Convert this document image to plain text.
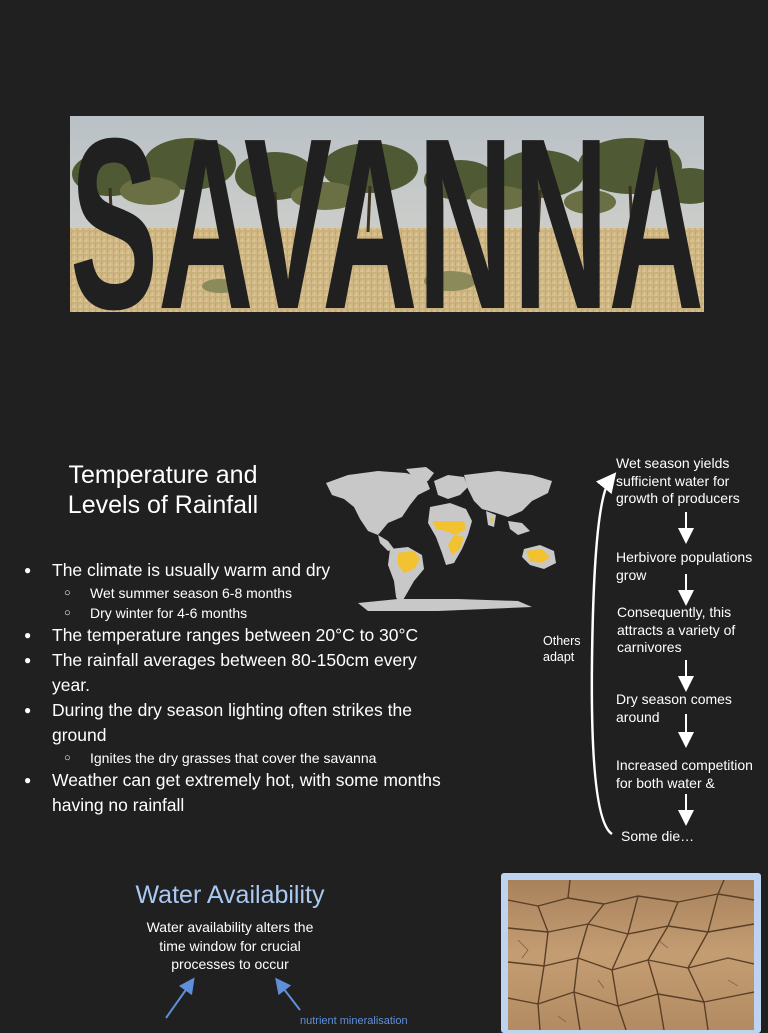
SAVANNA
Temperature and
Levels of Rainfall
● The climate is usually warm and dry
○ Wet summer season 6-8 months
○ Dry winter for 4-6 months
● The temperature ranges between 20°C to 30°C
● The rainfall averages between 80-150cm every
year.
● During the dry season lighting often strikes the
ground
○ Ignites the dry grasses that cover the savanna
● Weather can get extremely hot, with some months
having no rainfall
Wet season yields
sufficient water for
growth of producers
Herbivore populations
grow
Consequently, this
attracts a variety of
carnivores
Dry season comes
around
Increased competition
for both water &
Some die…
Others
adapt
Water Availability
Water availability alters the
time window for crucial
processes to occur
nutrient mineralisation
